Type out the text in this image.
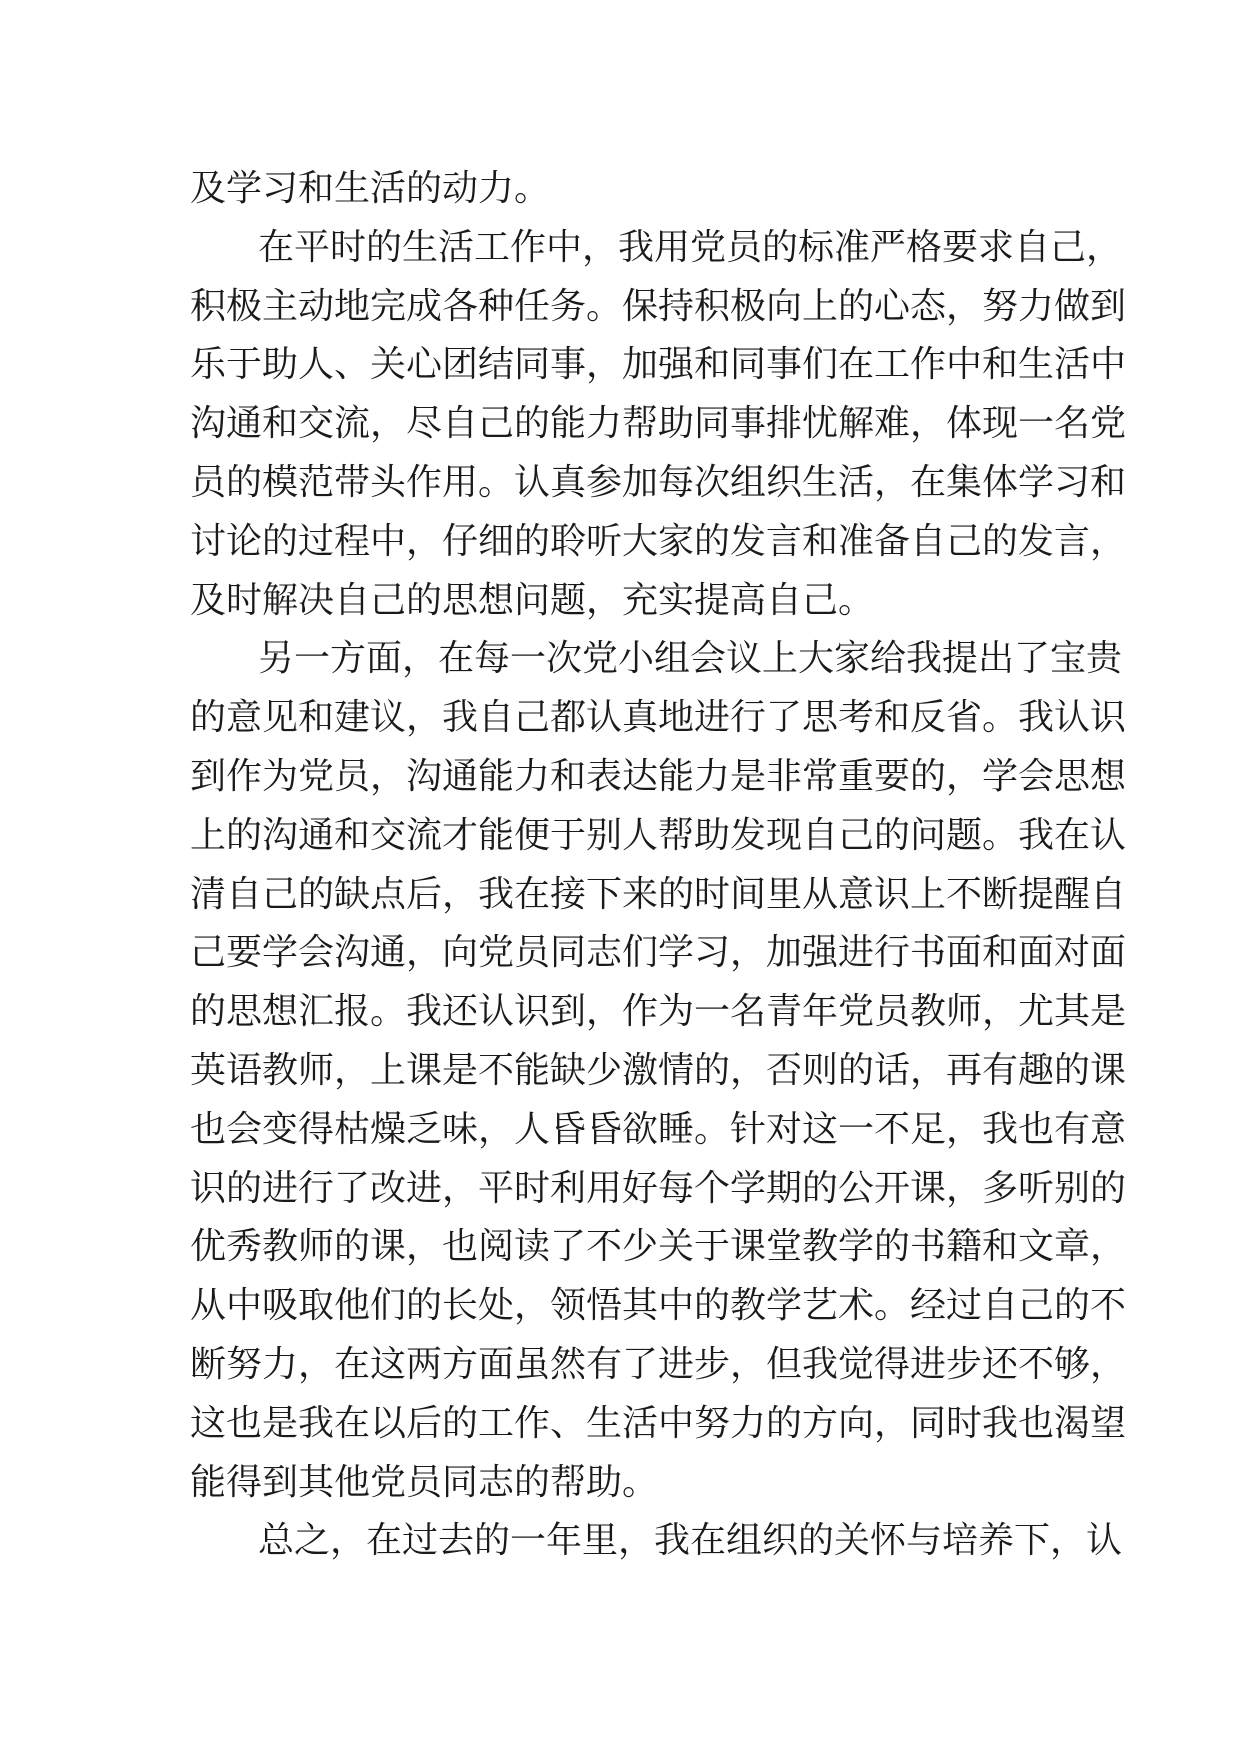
及学习和生活的动力。
在平时的生活工作中，我用党员的标准严格要求自己，
积极主动地完成各种任务。保持积极向上的心态，努力做到
乐于助人、关心团结同事，加强和同事们在工作中和生活中
沟通和交流，尽自己的能力帮助同事排忧解难，体现一名党
员的模范带头作用。认真参加每次组织生活，在集体学习和
讨论的过程中，仔细的聆听大家的发言和准备自己的发言，
及时解决自己的思想问题，充实提高自己。
另一方面，在每一次党小组会议上大家给我提出了宝贵
的意见和建议，我自己都认真地进行了思考和反省。我认识
到作为党员，沟通能力和表达能力是非常重要的，学会思想
上的沟通和交流才能便于别人帮助发现自己的问题。我在认
清自己的缺点后，我在接下来的时间里从意识上不断提醒自
己要学会沟通，向党员同志们学习，加强进行书面和面对面
的思想汇报。我还认识到，作为一名青年党员教师，尤其是
英语教师，上课是不能缺少激情的，否则的话，再有趣的课
也会变得枯燥乏味，人昏昏欲睡。针对这一不足，我也有意
识的进行了改进，平时利用好每个学期的公开课，多听别的
优秀教师的课，也阅读了不少关于课堂教学的书籍和文章，
从中吸取他们的长处，领悟其中的教学艺术。经过自己的不
断努力，在这两方面虽然有了进步，但我觉得进步还不够，
这也是我在以后的工作、生活中努力的方向，同时我也渴望
能得到其他党员同志的帮助。
总之，在过去的一年里，我在组织的关怀与培养下，认
